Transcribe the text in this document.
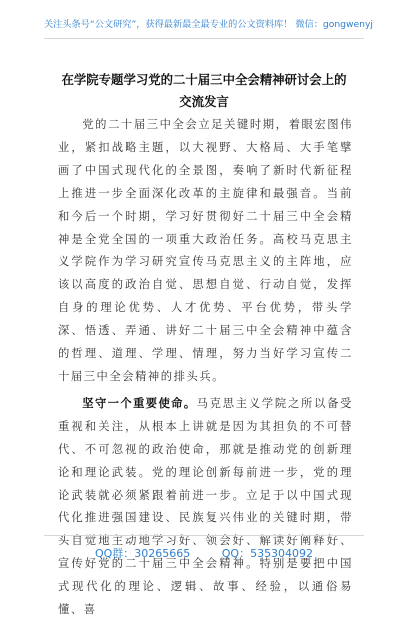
关注头条号“公文研究”，获得最新最全最专业的公文资料库！ 微信：gongwenyj
在学院专题学习党的二十届三中全会精神研讨会上的交流发言

党的二十届三中全会立足关键时期，着眼宏图伟业，紧扣战略主题，以大视野、大格局、大手笔擘画了中国式现代化的全景图，奏响了新时代新征程上推进一步全面深化改革的主旋律和最强音。当前和今后一个时期，学习好贯彻好二十届三中全会精神是全党全国的一项重大政治任务。高校马克思主义学院作为学习研究宣传马克思主义的主阵地，应该以高度的政治自觉、思想自觉、行动自觉，发挥自身的理论优势、人才优势、平台优势，带头学深、悟透、弄通、讲好二十届三中全会精神中蕴含的哲理、道理、学理、情理，努力当好学习宣传二十届三中全会精神的排头兵。

坚守一个重要使命。马克思主义学院之所以备受重视和关注，从根本上讲就是因为其担负的不可替代、不可忽视的政治使命，那就是推动党的创新理论和理论武装。党的理论创新每前进一步，党的理论武装就必须紧跟着前进一步。立足于以中国式现代化推进强国建设、民族复兴伟业的关键时期，带头自觉地主动地学习好、领会好、解读好阐释好、宣传好党的二十届三中全会精神。特别是要把中国式现代化的理论、逻辑、故事、经验，以通俗易懂、喜

QQ群：30265665	QQ：535304092
